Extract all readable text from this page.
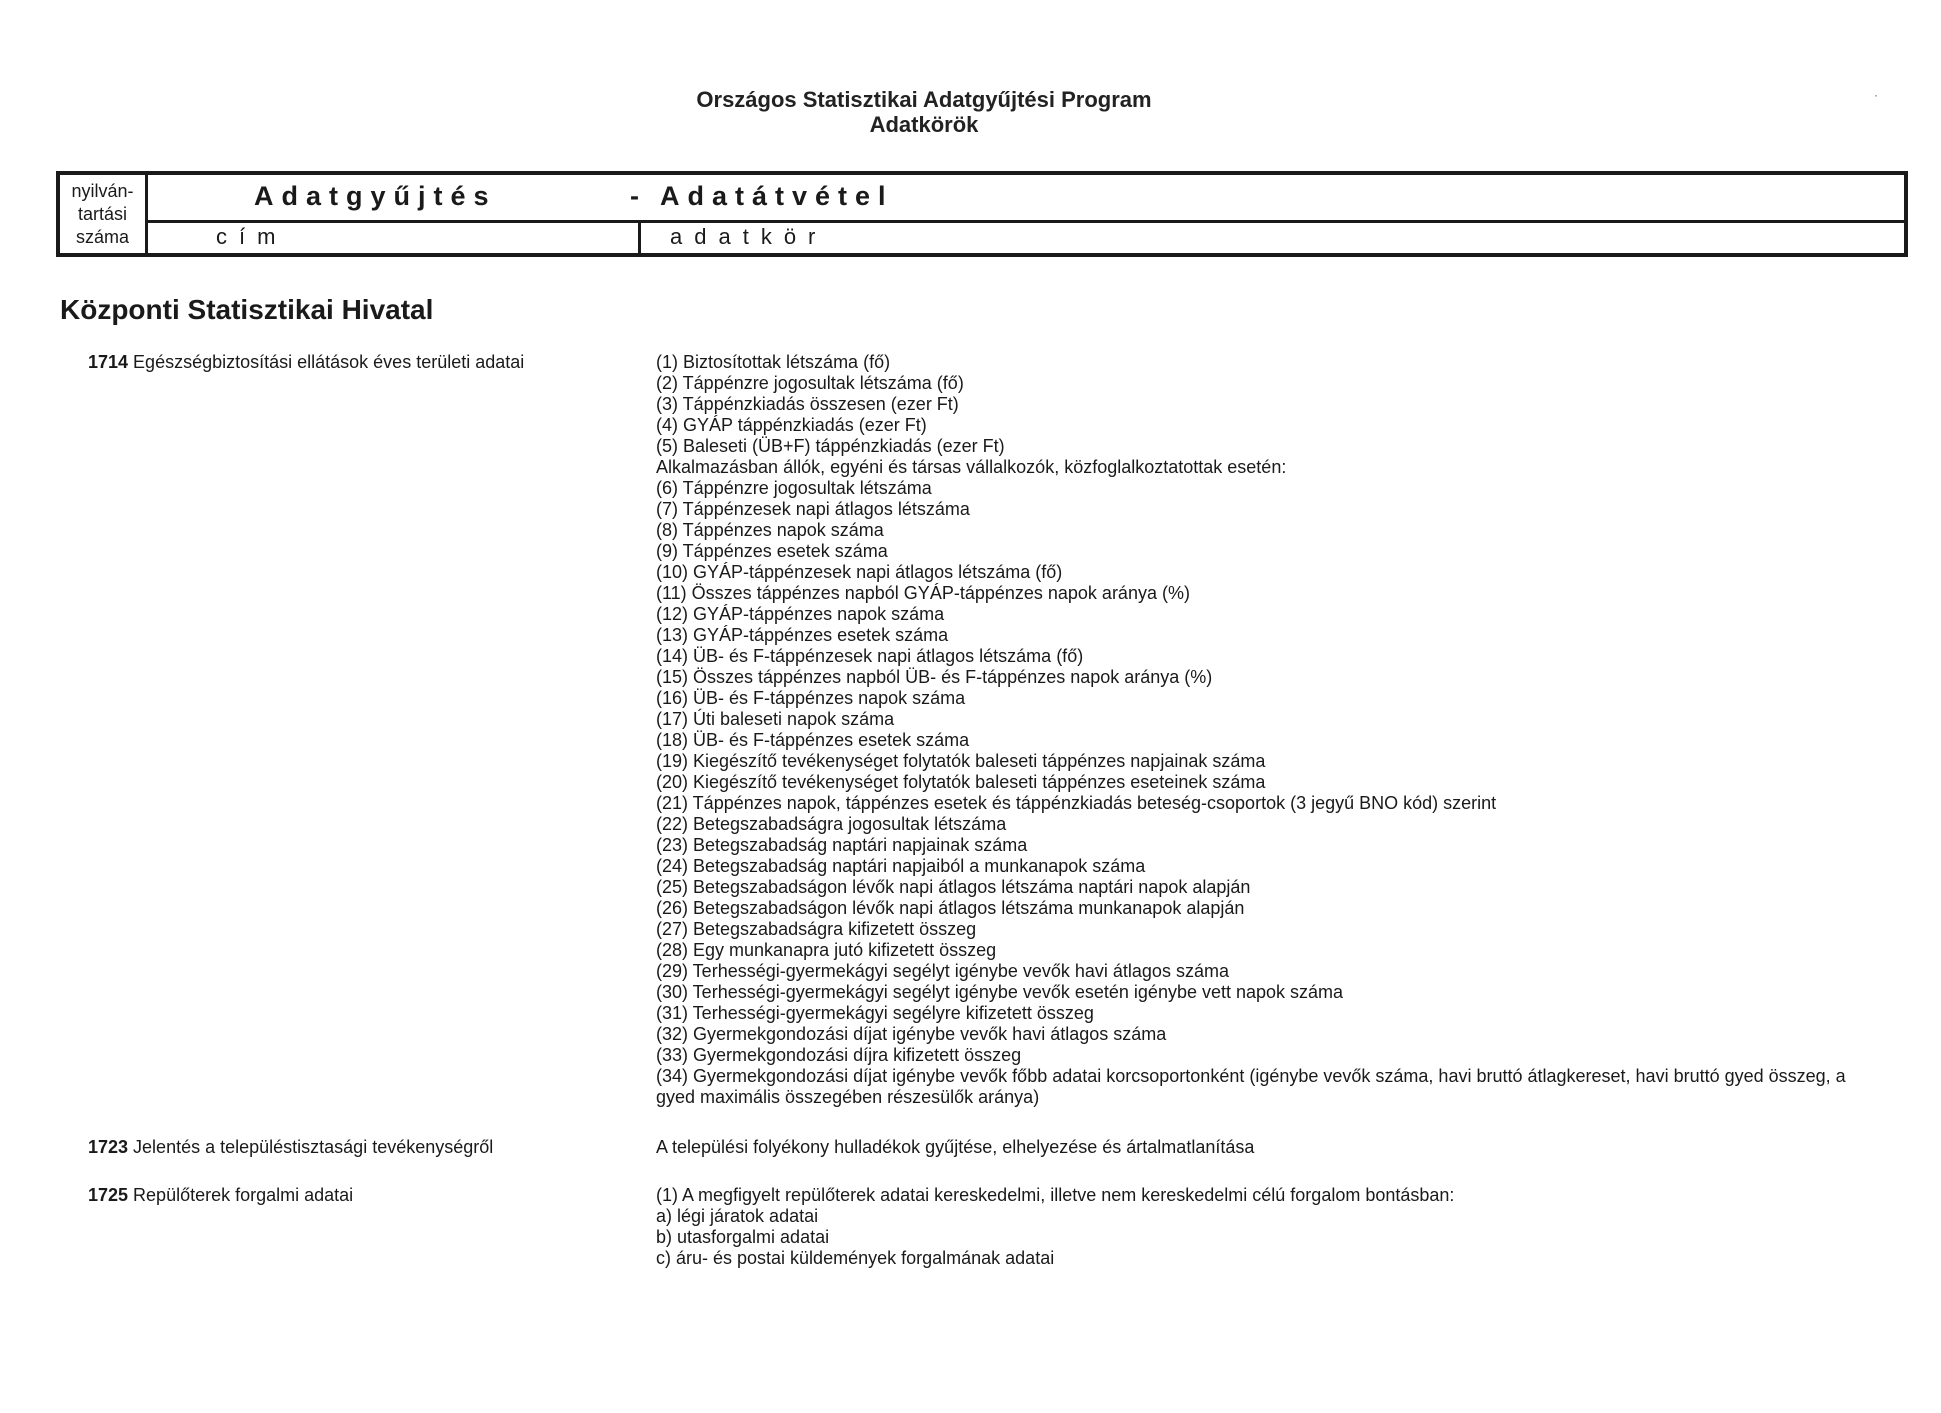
Országos Statisztikai Adatgyűjtési Program
Adatkörök
·
nyilván-
tartási
száma
Adatgyűjtés	- Adatátvétel
cím	adatkör
Központi Statisztikai Hivatal
1714 Egészségbiztosítási ellátások éves területi adatai	(1) Biztosítottak létszáma (fő)
(2) Táppénzre jogosultak létszáma (fő)
(3) Táppénzkiadás összesen (ezer Ft)
(4) GYÁP táppénzkiadás (ezer Ft)
(5) Baleseti (ÜB+F) táppénzkiadás (ezer Ft)
Alkalmazásban állók, egyéni és társas vállalkozók, közfoglalkoztatottak esetén:
(6) Táppénzre jogosultak létszáma
(7) Táppénzesek napi átlagos létszáma
(8) Táppénzes napok száma
(9) Táppénzes esetek száma
(10) GYÁP-táppénzesek napi átlagos létszáma (fő)
(11) Összes táppénzes napból GYÁP-táppénzes napok aránya (%)
(12) GYÁP-táppénzes napok száma
(13) GYÁP-táppénzes esetek száma
(14) ÜB- és F-táppénzesek napi átlagos létszáma (fő)
(15) Összes táppénzes napból ÜB- és F-táppénzes napok aránya (%)
(16) ÜB- és F-táppénzes napok száma
(17) Úti baleseti napok száma
(18) ÜB- és F-táppénzes esetek száma
(19) Kiegészítő tevékenységet folytatók baleseti táppénzes napjainak száma
(20) Kiegészítő tevékenységet folytatók baleseti táppénzes eseteinek száma
(21) Táppénzes napok, táppénzes esetek és táppénzkiadás beteség-csoportok (3 jegyű BNO kód) szerint
(22) Betegszabadságra jogosultak létszáma
(23) Betegszabadság naptári napjainak száma
(24) Betegszabadság naptári napjaiból a munkanapok száma
(25) Betegszabadságon lévők napi átlagos létszáma naptári napok alapján
(26) Betegszabadságon lévők napi átlagos létszáma munkanapok alapján
(27) Betegszabadságra kifizetett összeg
(28) Egy munkanapra jutó kifizetett összeg
(29) Terhességi-gyermekágyi segélyt igénybe vevők havi átlagos száma
(30) Terhességi-gyermekágyi segélyt igénybe vevők esetén igénybe vett napok száma
(31) Terhességi-gyermekágyi segélyre kifizetett összeg
(32) Gyermekgondozási díjat igénybe vevők havi átlagos száma
(33) Gyermekgondozási díjra kifizetett összeg
(34) Gyermekgondozási díjat igénybe vevők főbb adatai korcsoportonként (igénybe vevők száma, havi bruttó átlagkereset, havi bruttó gyed összeg, a gyed maximális összegében részesülők aránya)
1723 Jelentés a településtisztasági tevékenységről	A települési folyékony hulladékok gyűjtése, elhelyezése és ártalmatlanítása
1725 Repülőterek forgalmi adatai	(1) A megfigyelt repülőterek adatai kereskedelmi, illetve nem kereskedelmi célú forgalom bontásban:
a) légi járatok adatai
b) utasforgalmi adatai
c) áru- és postai küldemények forgalmának adatai
